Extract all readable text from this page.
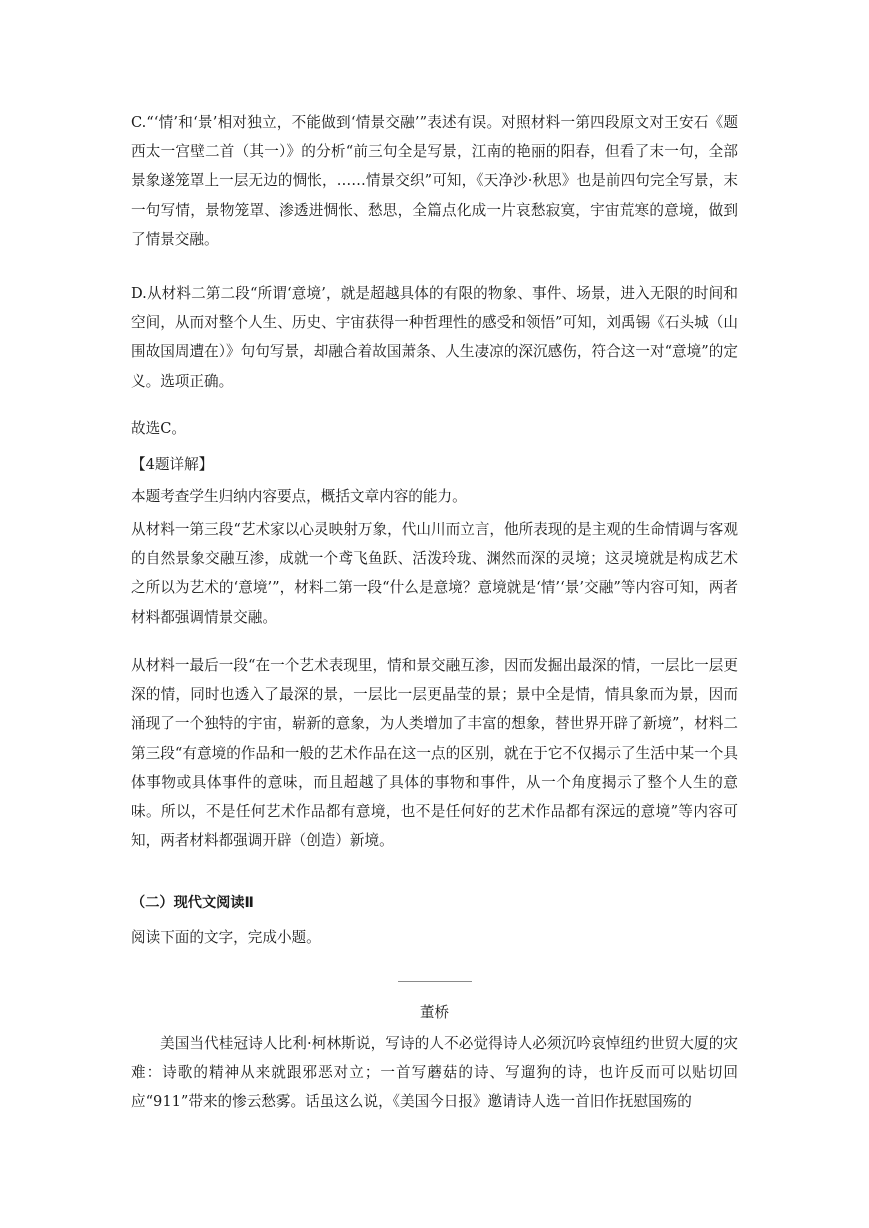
C.“‘情’和‘景’相对独立，不能做到‘情景交融’”表述有误。对照材料一第四段原文对王安石《题西太一宫壁二首（其一）》的分析“前三句全是写景，江南的艳丽的阳春，但看了末一句，全部景象遂笼罩上一层无边的惆怅，……情景交织”可知，《天净沙·秋思》也是前四句完全写景，末一句写情，景物笼罩、渗透进惆怅、愁思，全篇点化成一片哀愁寂寞，宇宙荒寒的意境，做到了情景交融。

D.从材料二第二段“所谓‘意境’，就是超越具体的有限的物象、事件、场景，进入无限的时间和空间，从而对整个人生、历史、宇宙获得一种哲理性的感受和领悟”可知，刘禹锡《石头城（山围故国周遭在）》句句写景，却融合着故国萧条、人生凄凉的深沉感伤，符合这一对“意境”的定义。选项正确。

故选C。

【4题详解】

本题考查学生归纳内容要点，概括文章内容的能力。

从材料一第三段“艺术家以心灵映射万象，代山川而立言，他所表现的是主观的生命情调与客观的自然景象交融互渗，成就一个鸢飞鱼跃、活泼玲珑、渊然而深的灵境；这灵境就是构成艺术之所以为艺术的‘意境’”，材料二第一段“什么是意境？意境就是‘情’‘景’交融”等内容可知，两者材料都强调情景交融。

从材料一最后一段“在一个艺术表现里，情和景交融互渗，因而发掘出最深的情，一层比一层更深的情，同时也透入了最深的景，一层比一层更晶莹的景；景中全是情，情具象而为景，因而涌现了一个独特的宇宙，崭新的意象，为人类增加了丰富的想象，替世界开辟了新境”，材料二第三段“有意境的作品和一般的艺术作品在这一点的区别，就在于它不仅揭示了生活中某一个具体事物或具体事件的意味，而且超越了具体的事物和事件，从一个角度揭示了整个人生的意味。所以，不是任何艺术作品都有意境，也不是任何好的艺术作品都有深远的意境”等内容可知，两者材料都强调开辟（创造）新境。

（二）现代文阅读Ⅱ

阅读下面的文字，完成小题。

董桥

美国当代桂冠诗人比利·柯林斯说，写诗的人不必觉得诗人必须沉吟哀悼纽约世贸大厦的灾难：诗歌的精神从来就跟邪恶对立；一首写蘑菇的诗、写遛狗的诗，也许反而可以贴切回应“911”带来的惨云愁雾。话虽这么说，《美国今日报》邀请诗人选一首旧作抚慰国殇的
